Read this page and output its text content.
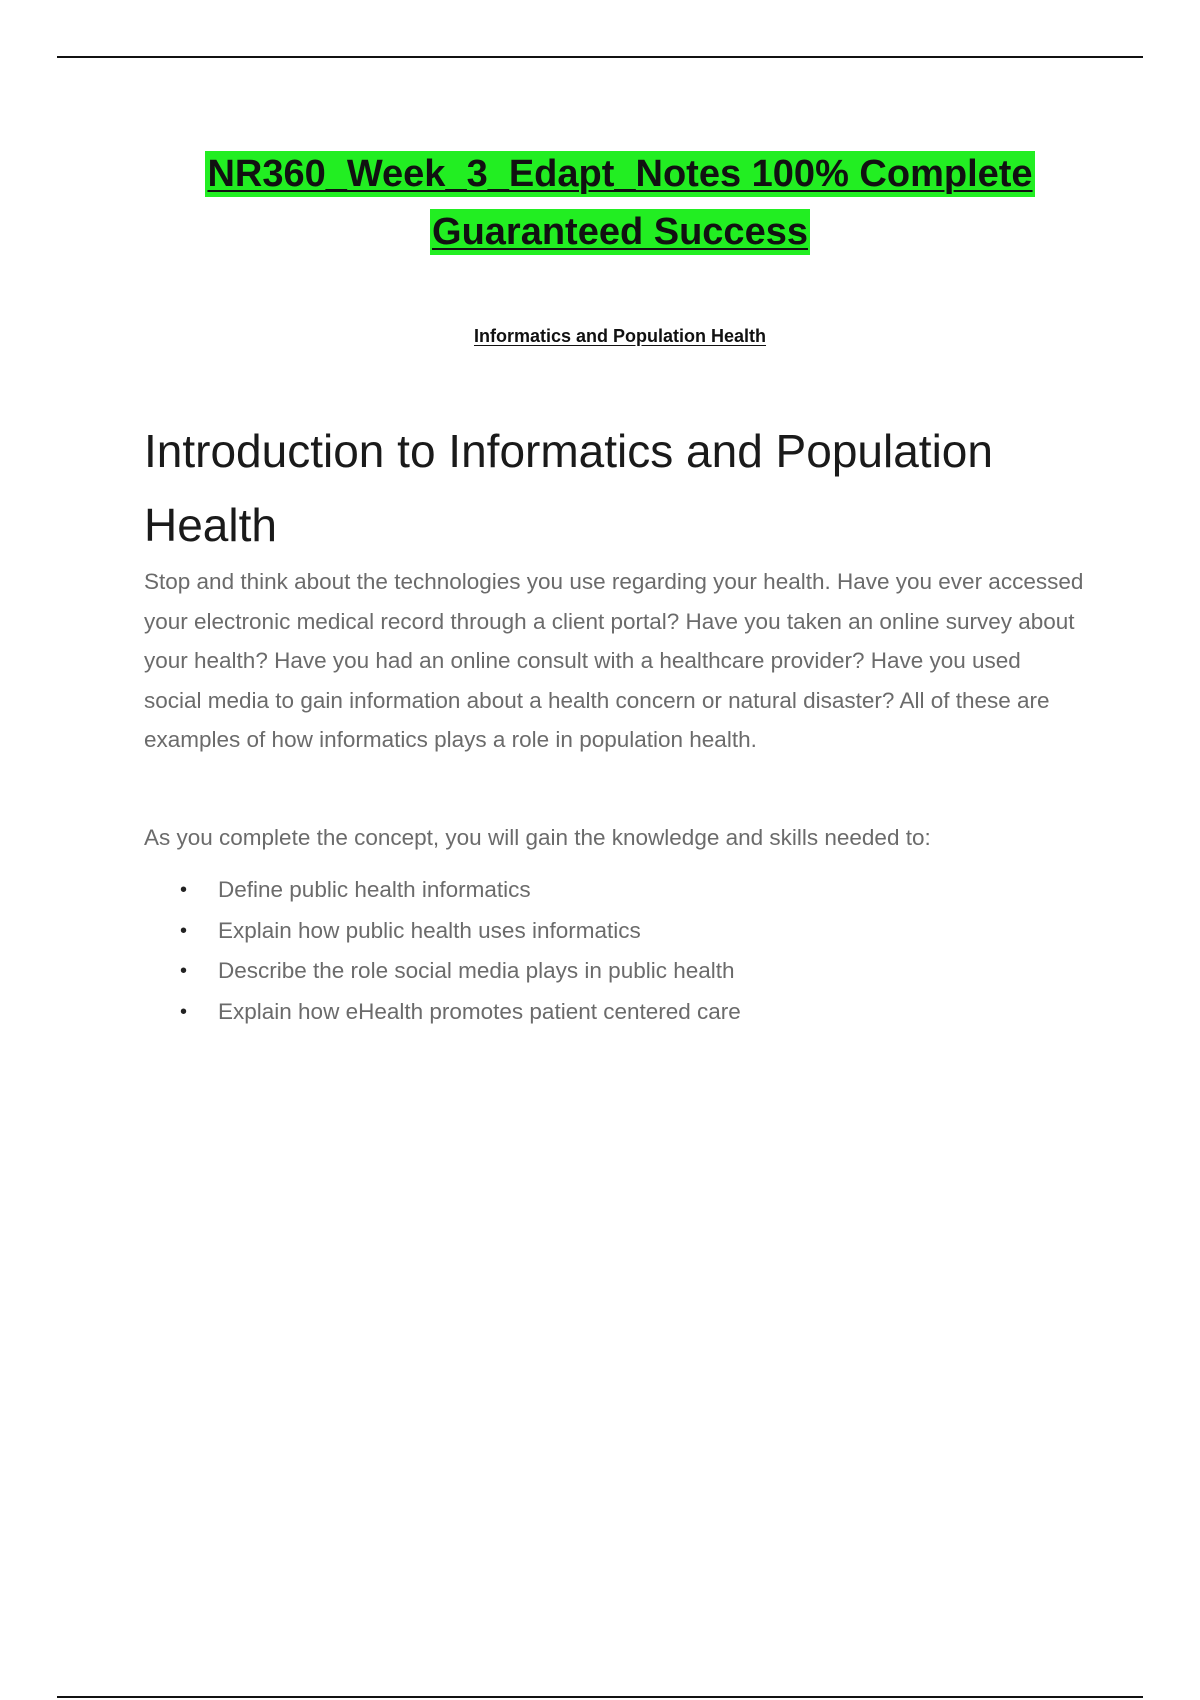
NR360_Week_3_Edapt_Notes 100% Complete
Guaranteed Success
Informatics and Population Health
Introduction to Informatics and Population Health

Stop and think about the technologies you use regarding your health. Have you ever accessed your electronic medical record through a client portal? Have you taken an online survey about your health? Have you had an online consult with a healthcare provider? Have you used social media to gain information about a health concern or natural disaster? All of these are examples of how informatics plays a role in population health.

As you complete the concept, you will gain the knowledge and skills needed to:

• Define public health informatics
• Explain how public health uses informatics
• Describe the role social media plays in public health
• Explain how eHealth promotes patient centered care
